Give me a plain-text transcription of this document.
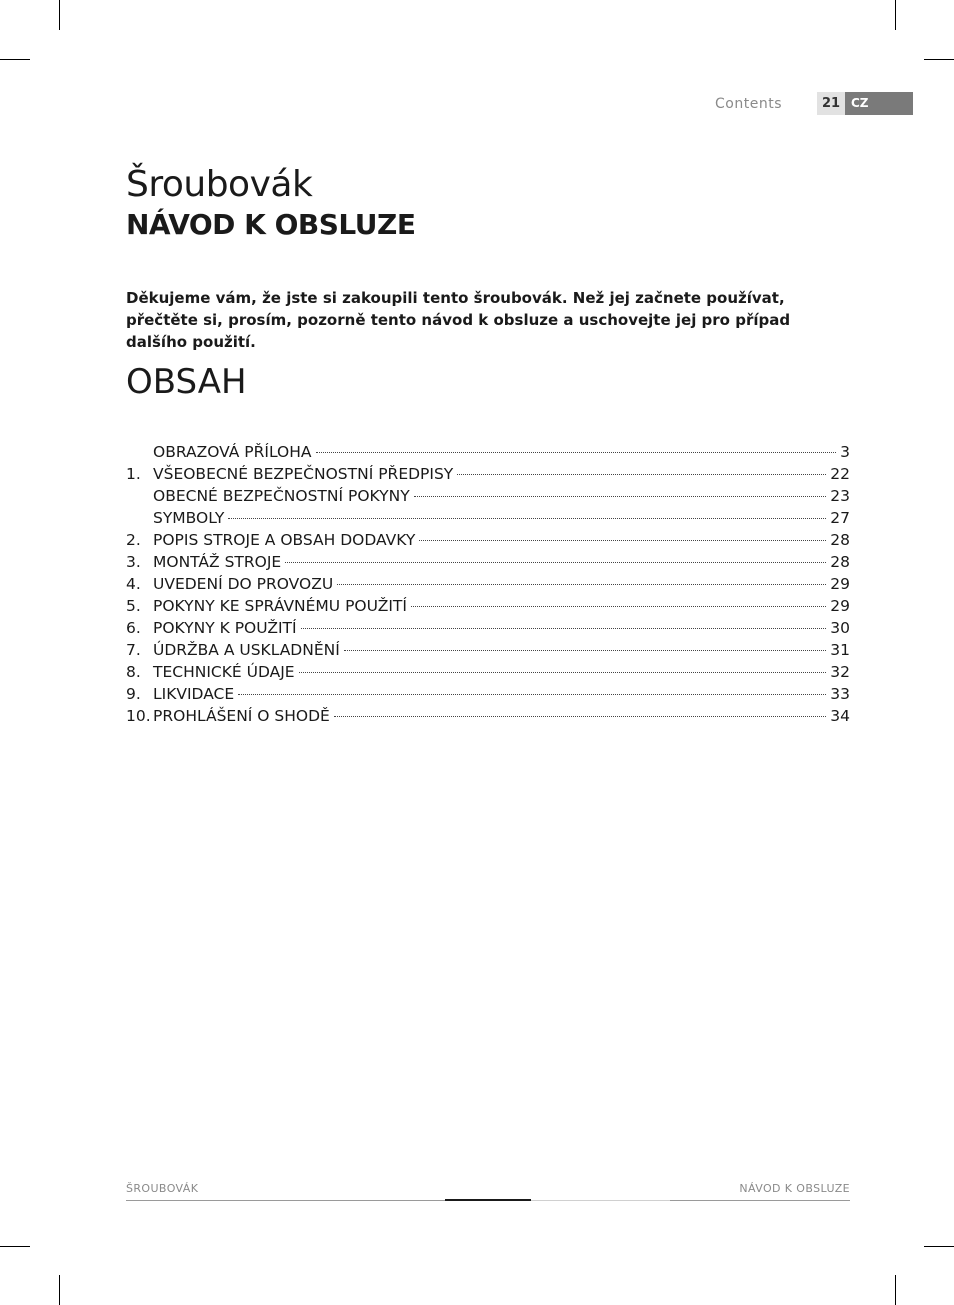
Contents	21 CZ
Šroubovák
NÁVOD K OBSLUZE
Děkujeme vám, že jste si zakoupili tento šroubovák. Než jej začnete používat, přečtěte si, prosím, pozorně tento návod k obsluze a uschovejte jej pro případ dalšího použití.
OBSAH
OBRAZOVÁ PŘÍLOHA	3
1. VŠEOBECNÉ BEZPEČNOSTNÍ PŘEDPISY	22
OBECNÉ BEZPEČNOSTNÍ POKYNY	23
SYMBOLY	27
2. POPIS STROJE A OBSAH DODAVKY	28
3. MONTÁŽ STROJE	28
4. UVEDENÍ DO PROVOZU	29
5. POKYNY KE SPRÁVNÉMU POUŽITÍ	29
6. POKYNY K POUŽITÍ	30
7. ÚDRŽBA A USKLADNĚNÍ	31
8. TECHNICKÉ ÚDAJE	32
9. LIKVIDACE	33
10. PROHLÁŠENÍ O SHODĚ	34
ŠROUBOVÁK	NÁVOD K OBSLUZE
